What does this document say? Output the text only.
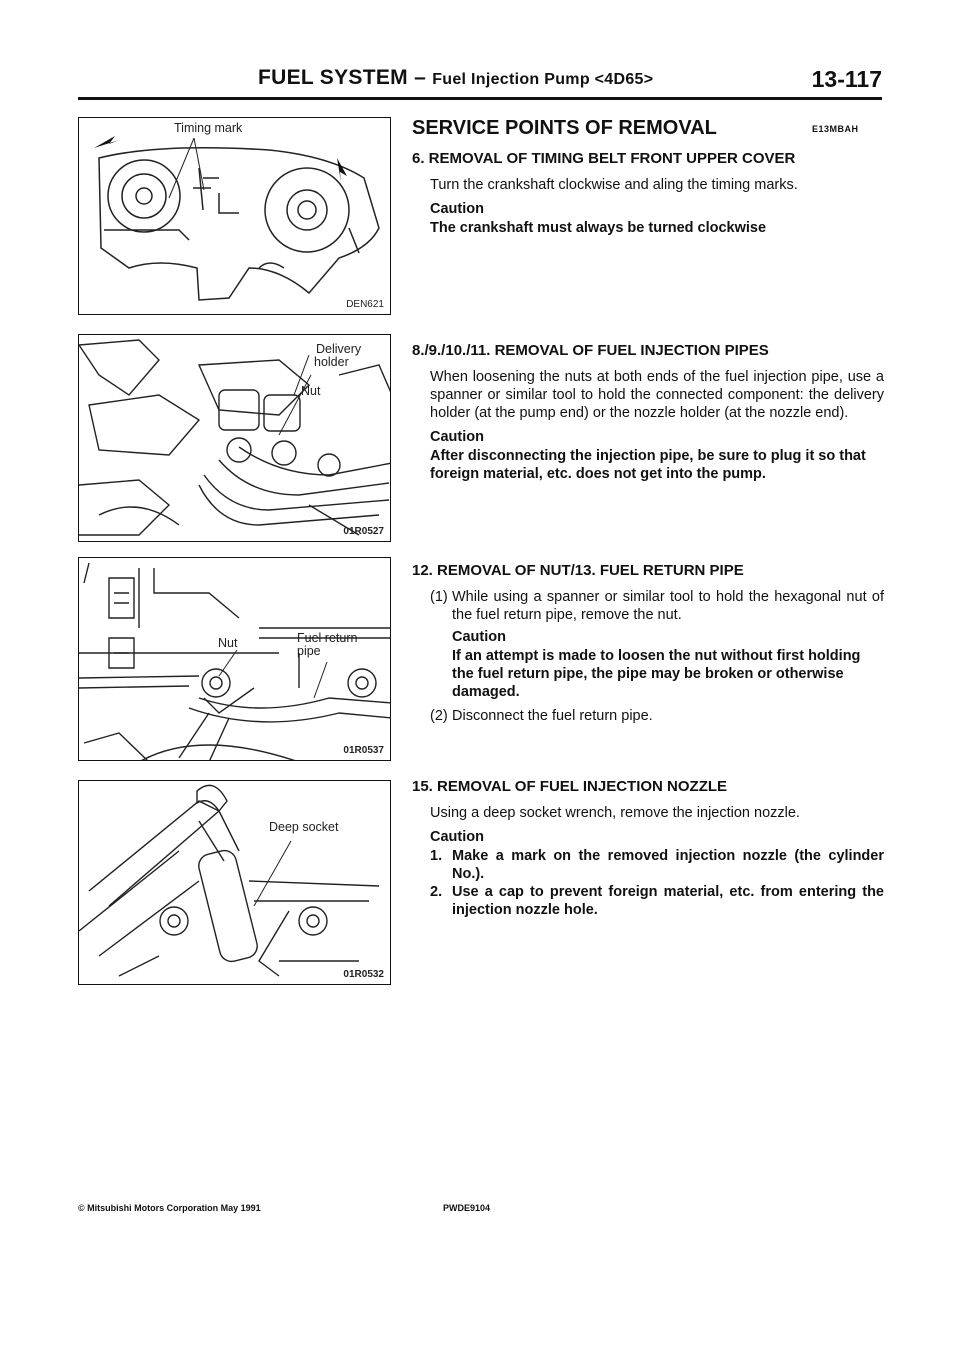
FUEL SYSTEM – Fuel Injection Pump <4D65>	13-117
Timing mark
DEN621
Delivery
holder
Nut
01R0527
Nut	Fuel return
pipe
01R0537
Deep socket
01R0532
SERVICE POINTS OF REMOVAL	E13MBAH
6. REMOVAL OF TIMING BELT FRONT UPPER COVER
Turn the crankshaft clockwise and aling the timing marks.
Caution
The crankshaft must always be turned clockwise
8./9./10./11. REMOVAL OF FUEL INJECTION PIPES
When loosening the nuts at both ends of the fuel injection pipe, use a spanner or similar tool to hold the connected component: the delivery holder (at the pump end) or the nozzle holder (at the nozzle end).
Caution
After disconnecting the injection pipe, be sure to plug it so that foreign material, etc. does not get into the pump.
12. REMOVAL OF NUT/13. FUEL RETURN PIPE
(1) While using a spanner or similar tool to hold the hexagonal nut of the fuel return pipe, remove the nut.
Caution
If an attempt is made to loosen the nut without first holding the fuel return pipe, the pipe may be broken or otherwise damaged.
(2) Disconnect the fuel return pipe.
15. REMOVAL OF FUEL INJECTION NOZZLE
Using a deep socket wrench, remove the injection nozzle.
Caution
1. Make a mark on the removed injection nozzle (the cylinder No.).
2. Use a cap to prevent foreign material, etc. from entering the injection nozzle hole.
© Mitsubishi Motors Corporation May 1991	PWDE9104
